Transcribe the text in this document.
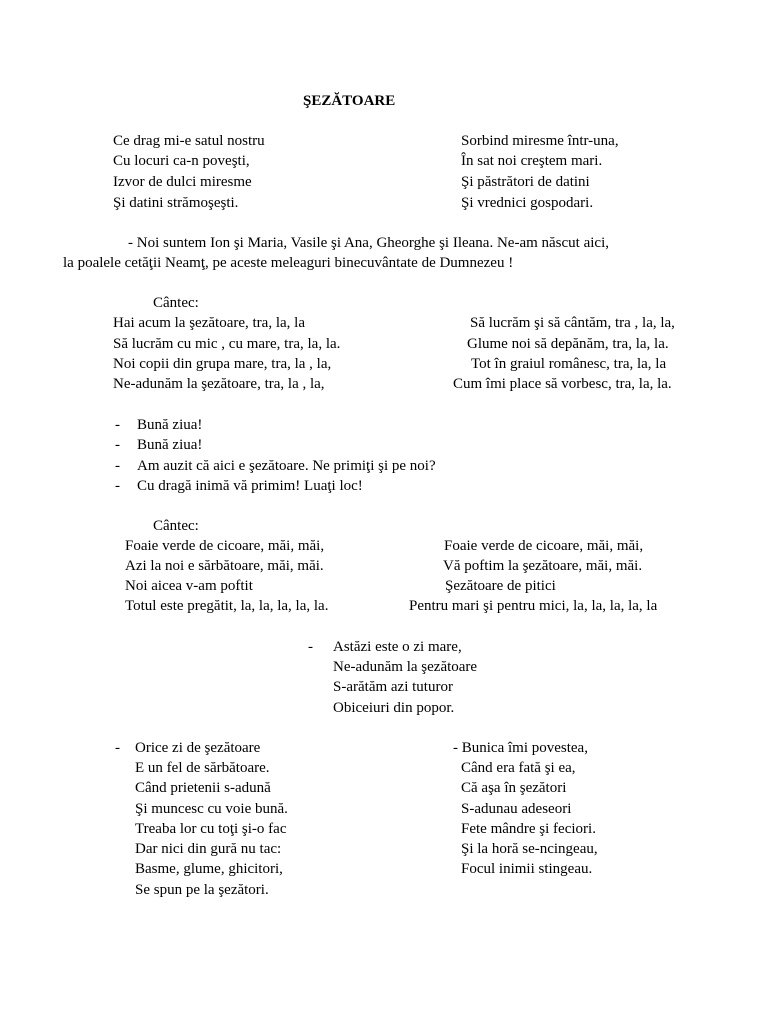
ŞEZĂTOARE
Ce drag mi-e satul nostru
Cu locuri ca-n poveşti,
Izvor de dulci miresme
Şi datini strămoşeşti.
Sorbind miresme într-una,
În sat noi creştem mari.
Şi păstrători de datini
Şi vrednici gospodari.
- Noi suntem Ion şi Maria, Vasile şi Ana, Gheorghe şi Ileana. Ne-am născut aici,
la poalele cetăţii Neamţ, pe aceste meleaguri binecuvântate de Dumnezeu !
Cântec:
Hai acum la şezătoare, tra, la, la
Să lucrăm cu mic , cu mare, tra, la, la.
Noi copii din grupa mare, tra, la , la,
Ne-adunăm la şezătoare, tra, la , la,
Să lucrăm şi să cântăm, tra , la, la,
Glume noi să depănăm, tra, la, la.
Tot în graiul românesc, tra, la, la
Cum îmi place să vorbesc, tra, la, la.
- Bună ziua!
- Bună ziua!
- Am auzit că aici e şezătoare. Ne primiţi şi pe noi?
- Cu dragă inimă vă primim! Luaţi loc!
Cântec:
Foaie verde de cicoare, măi, măi,
Azi la noi e sărbătoare, măi, măi.
Noi aicea v-am poftit
Totul este pregătit, la, la, la, la, la.
Foaie verde de cicoare, măi, măi,
Vă poftim la şezătoare, măi, măi.
Şezătoare de pitici
Pentru mari şi pentru mici, la, la, la, la, la
- Astăzi este o zi mare,
Ne-adunăm la şezătoare
S-arătăm azi tuturor
Obiceiuri din popor.
- Orice zi de şezătoare
E un fel de sărbătoare.
Când prietenii s-adună
Şi muncesc cu voie bună.
Treaba lor cu toţi şi-o fac
Dar nici din gură nu tac:
Basme, glume, ghicitori,
Se spun pe la şezători.
- Bunica îmi povestea,
Când era fată şi ea,
Că aşa în şezători
S-adunau adeseori
Fete mândre şi feciori.
Şi la horă se-ncingeau,
Focul inimii stingeau.
